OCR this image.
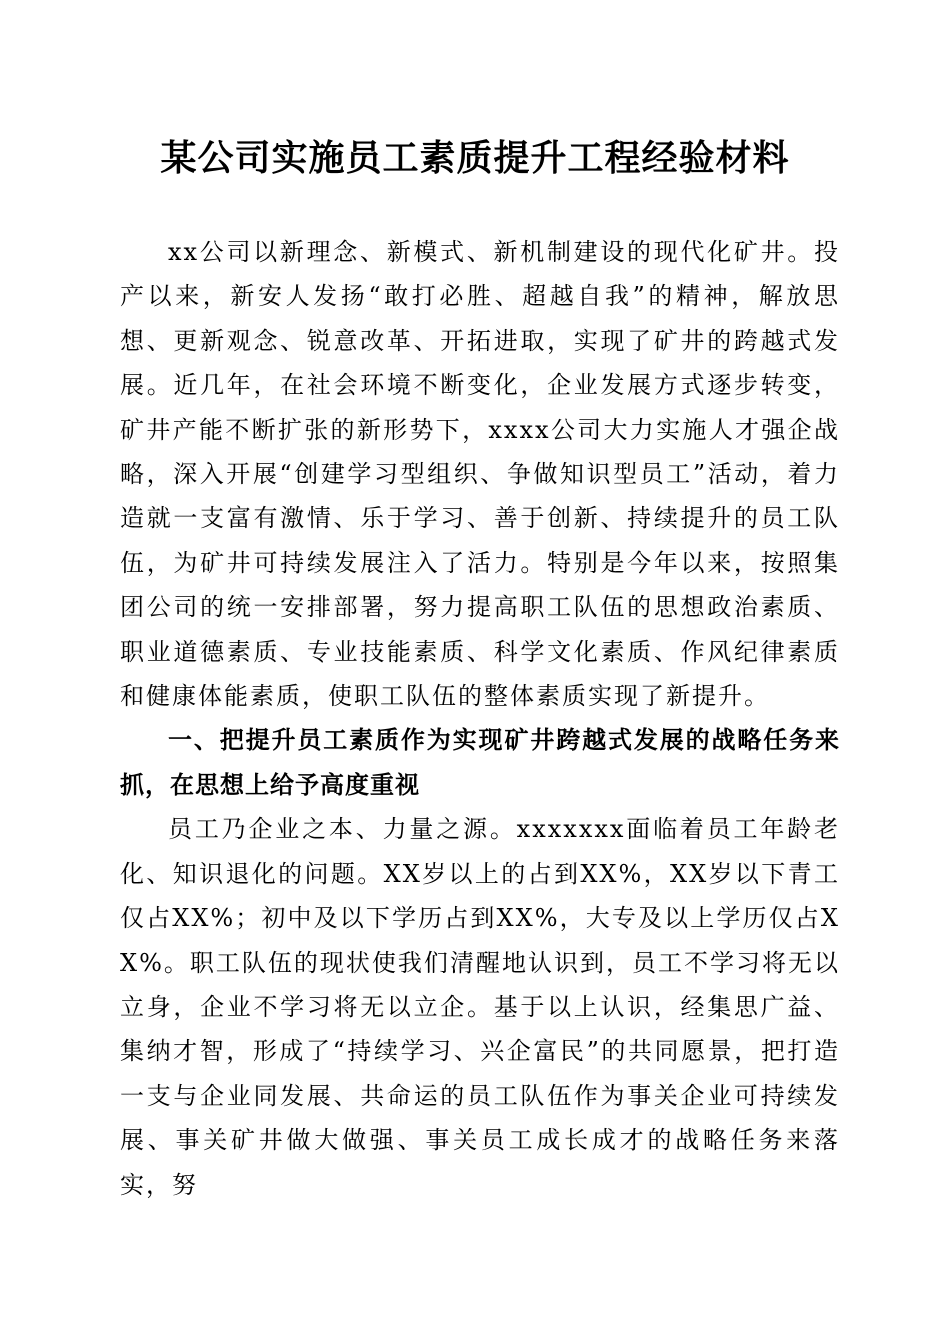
某公司实施员工素质提升工程经验材料

xx公司以新理念、新模式、新机制建设的现代化矿井。投产以来，新安人发扬“敢打必胜、超越自我”的精神，解放思想、更新观念、锐意改革、开拓进取，实现了矿井的跨越式发展。近几年，在社会环境不断变化，企业发展方式逐步转变，矿井产能不断扩张的新形势下，xxxx公司大力实施人才强企战略，深入开展“创建学习型组织、争做知识型员工”活动，着力造就一支富有激情、乐于学习、善于创新、持续提升的员工队伍，为矿井可持续发展注入了活力。特别是今年以来，按照集团公司的统一安排部署，努力提高职工队伍的思想政治素质、职业道德素质、专业技能素质、科学文化素质、作风纪律素质和健康体能素质，使职工队伍的整体素质实现了新提升。

一、把提升员工素质作为实现矿井跨越式发展的战略任务来抓，在思想上给予高度重视

员工乃企业之本、力量之源。xxxxxxx面临着员工年龄老化、知识退化的问题。XX岁以上的占到XX%，XX岁以下青工仅占XX%；初中及以下学历占到XX%，大专及以上学历仅占XX%。职工队伍的现状使我们清醒地认识到，员工不学习将无以立身，企业不学习将无以立企。基于以上认识，经集思广益、集纳才智，形成了“持续学习、兴企富民”的共同愿景，把打造一支与企业同发展、共命运的员工队伍作为事关企业可持续发展、事关矿井做大做强、事关员工成长成才的战略任务来落实，努
